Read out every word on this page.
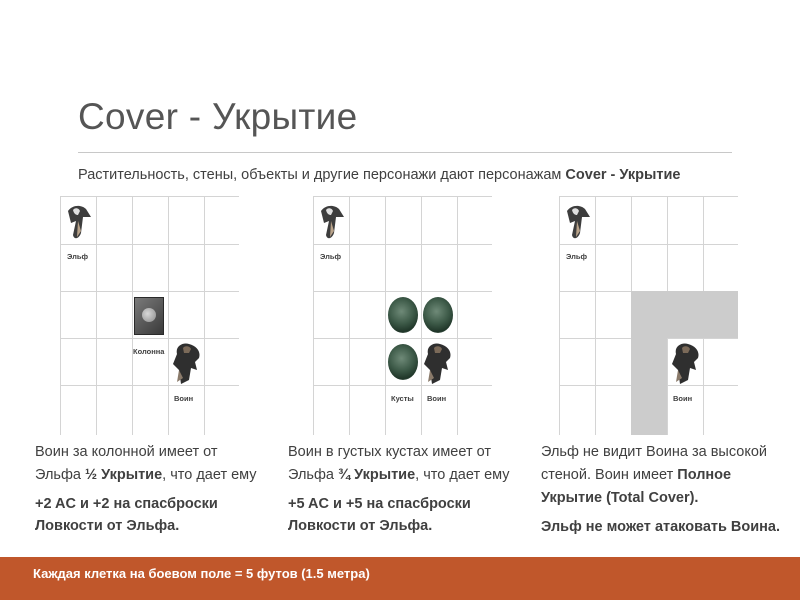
Cover - Укрытие
Растительность, стены, объекты и другие персонажи дают персонажам Cover - Укрытие
Эльф
Колонна
Воин
Эльф
Кусты Воин
Эльф
Воин

Воин за колонной имеет от

Эльфа ½ Укрытие, что дает ему

+2 AC и +2 на спасброски
Ловкости от Эльфа.

Воин в густых кустах имеет от

Эльфа ¾ Укрытие, что дает ему

+5 AC и +5 на спасброски
Ловкости от Эльфа.

Эльф не видит Воина за высокой

стеной. Воин имеет Полное

Укрытие (Total Cover).

Эльф не может атаковать Воина.

Каждая клетка на боевом поле = 5 футов (1.5 метра)
